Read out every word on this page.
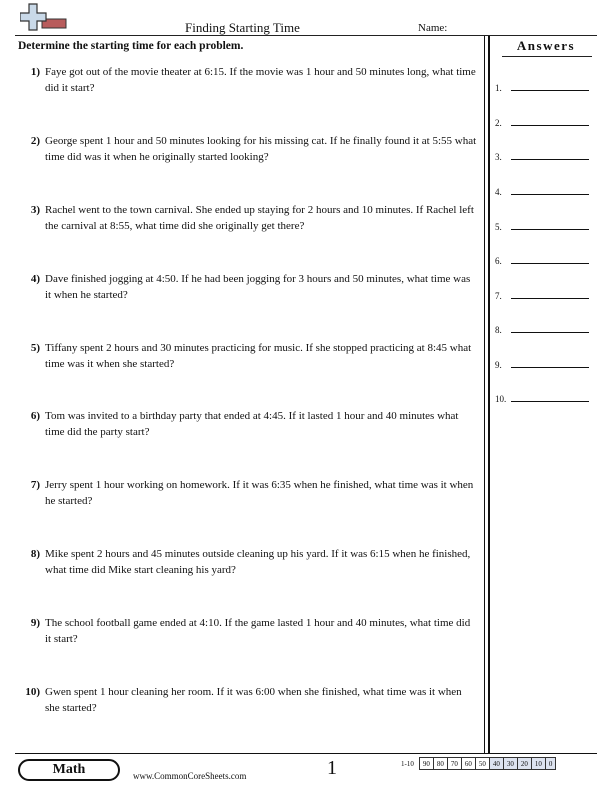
Finding Starting Time	Name:
Determine the starting time for each problem.
1) Faye got out of the movie theater at 6:15. If the movie was 1 hour and 50 minutes long, what time did it start?
2) George spent 1 hour and 50 minutes looking for his missing cat. If he finally found it at 5:55 what time did was it when he originally started looking?
3) Rachel went to the town carnival. She ended up staying for 2 hours and 10 minutes. If Rachel left the carnival at 8:55, what time did she originally get there?
4) Dave finished jogging at 4:50. If he had been jogging for 3 hours and 50 minutes, what time was it when he started?
5) Tiffany spent 2 hours and 30 minutes practicing for music. If she stopped practicing at 8:45 what time was it when she started?
6) Tom was invited to a birthday party that ended at 4:45. If it lasted 1 hour and 40 minutes what time did the party start?
7) Jerry spent 1 hour working on homework. If it was 6:35 when he finished, what time was it when he started?
8) Mike spent 2 hours and 45 minutes outside cleaning up his yard. If it was 6:15 when he finished, what time did Mike start cleaning his yard?
9) The school football game ended at 4:10. If the game lasted 1 hour and 40 minutes, what time did it start?
10) Gwen spent 1 hour cleaning her room. If it was 6:00 when she finished, what time was it when she started?
Answers
1.
2.
3.
4.
5.
6.
7.
8.
9.
10.
Math	www.CommonCoreSheets.com	1	1-10	90	80	70	60	50	40	30	20	10	0
